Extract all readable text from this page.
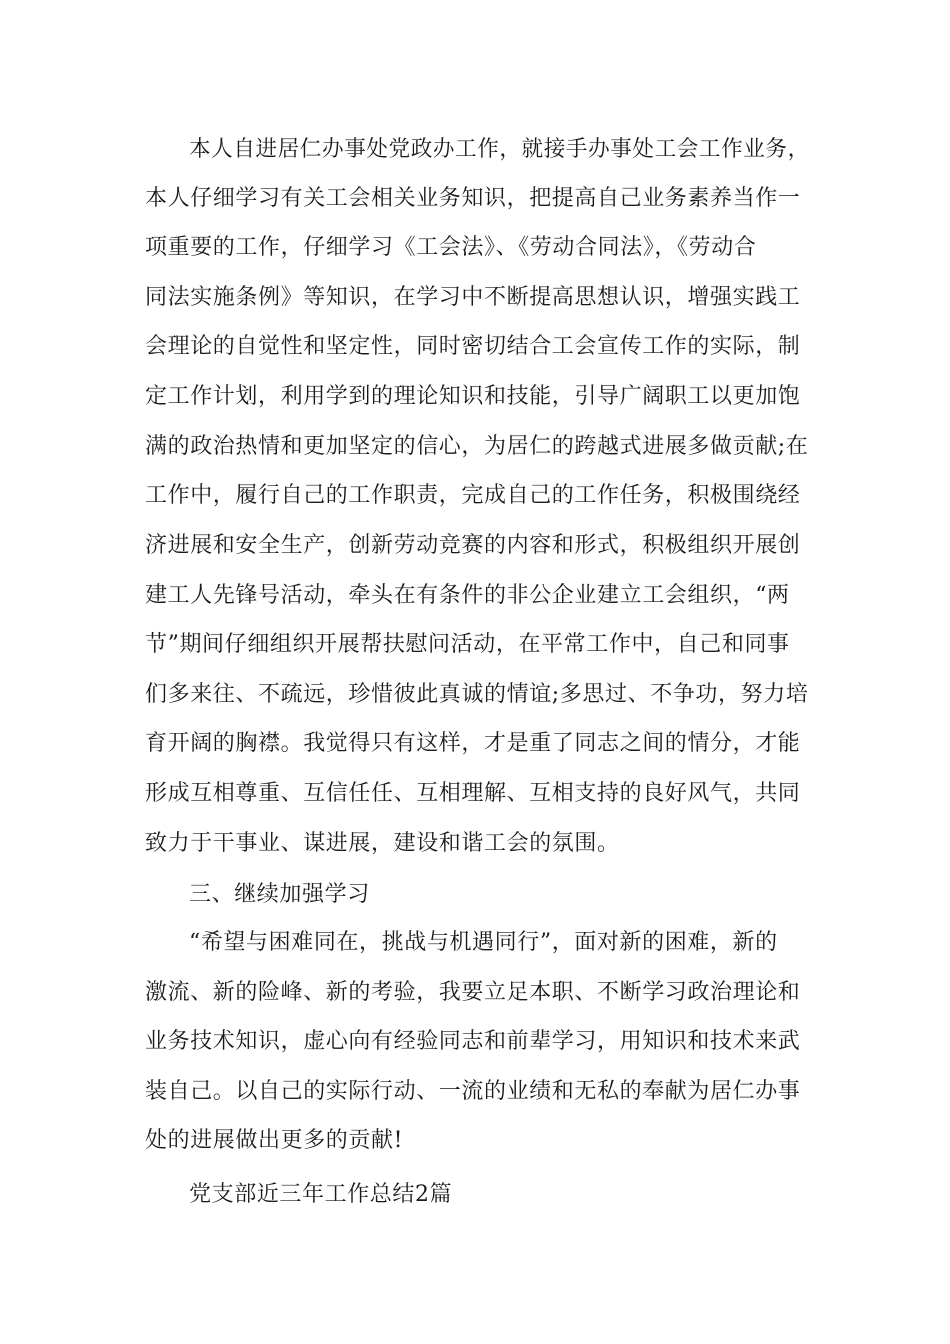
本人自进居仁办事处党政办工作，就接手办事处工会工作业务，
本人仔细学习有关工会相关业务知识，把提高自己业务素养当作一
项重要的工作，仔细学习《工会法》、《劳动合同法》，《劳动合
同法实施条例》等知识，在学习中不断提高思想认识，增强实践工
会理论的自觉性和坚定性，同时密切结合工会宣传工作的实际，制
定工作计划，利用学到的理论知识和技能，引导广阔职工以更加饱
满的政治热情和更加坚定的信心，为居仁的跨越式进展多做贡献;在
工作中，履行自己的工作职责，完成自己的工作任务，积极围绕经
济进展和安全生产，创新劳动竞赛的内容和形式，积极组织开展创
建工人先锋号活动，牵头在有条件的非公企业建立工会组织，“两
节”期间仔细组织开展帮扶慰问活动，在平常工作中，自己和同事
们多来往、不疏远，珍惜彼此真诚的情谊;多思过、不争功，努力培
育开阔的胸襟。我觉得只有这样，才是重了同志之间的情分，才能
形成互相尊重、互信任任、互相理解、互相支持的良好风气，共同
致力于干事业、谋进展，建设和谐工会的氛围。
三、继续加强学习
“希望与困难同在，挑战与机遇同行”，面对新的困难，新的
激流、新的险峰、新的考验，我要立足本职、不断学习政治理论和
业务技术知识，虚心向有经验同志和前辈学习，用知识和技术来武
装自己。以自己的实际行动、一流的业绩和无私的奉献为居仁办事
处的进展做出更多的贡献!
党支部近三年工作总结2篇
